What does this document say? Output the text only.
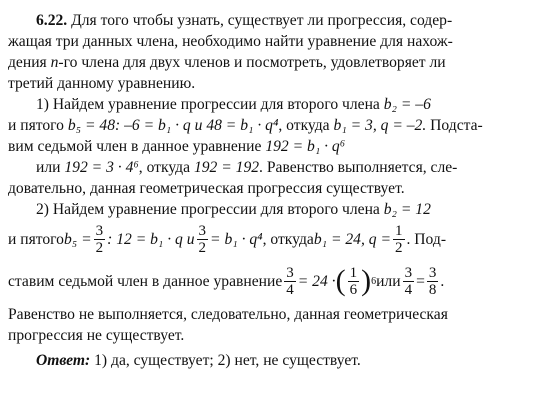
6.22. Для того чтобы узнать, существует ли прогрессия, содер-
жащая три данных члена, необходимо найти уравнение для нахож-
дения n-го члена для двух членов и посмотреть, удовлетворяет ли
третий данному уравнению.
1) Найдем уравнение прогрессии для второго члена b₂ = –6
и пятого b₅ = 48: –6 = b₁ · q и 48 = b₁ · q⁴, откуда b₁ = 3, q = –2. Подста-
вим седьмой член в данное уравнение 192 = b₁ · q⁶
или 192 = 3 · 4⁶, откуда 192 = 192. Равенство выполняется, сле-
довательно, данная геометрическая прогрессия существует.
2) Найдем уравнение прогрессии для второго члена b₂ = 12
и пятого $b_5 = \frac{3}{2}$ : 12 = b₁ · q и $\frac{3}{2} = b_1 \cdot q^4$ , откуда b₁ = 24, $q = \frac{1}{2}$ . Под-
ставим седьмой член в данное уравнение $\frac{3}{4} = 24$ · ( $\frac{1}{6}$ ) 6 или $\frac{3}{4} = \frac{3}{8}$ .
Равенство не выполняется, следовательно, данная геометрическая
прогрессия не существует.
Ответ: 1) да, существует; 2) нет, не существует.
